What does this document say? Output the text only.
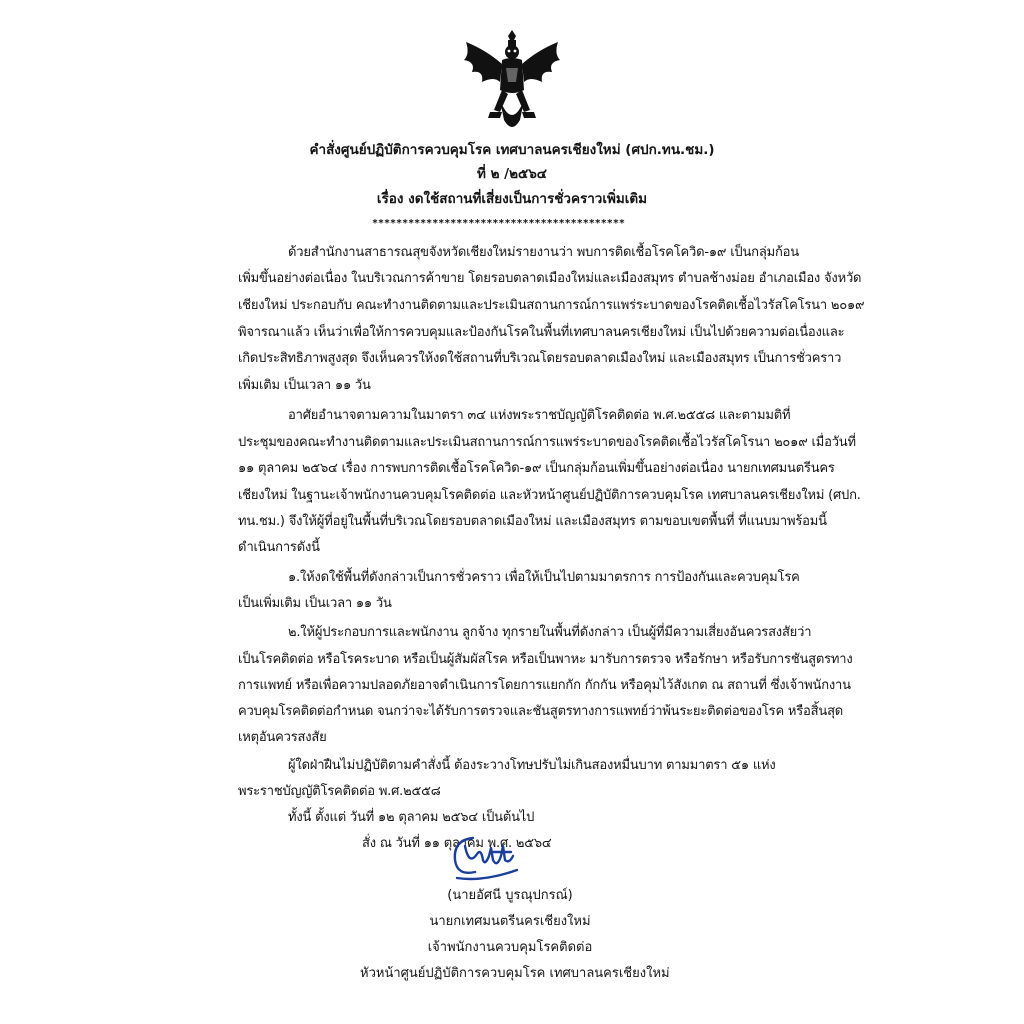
คำสั่งศูนย์ปฏิบัติการควบคุมโรค เทศบาลนครเชียงใหม่ (ศปก.ทน.ชม.)
ที่ ๒ /๒๕๖๔
เรื่อง งดใช้สถานที่เสี่ยงเป็นการชั่วคราวเพิ่มเติม
******************************************
ด้วยสำนักงานสาธารณสุขจังหวัดเชียงใหม่รายงานว่า พบการติดเชื้อโรคโควิด-๑๙ เป็นกลุ่มก้อน
เพิ่มขึ้นอย่างต่อเนื่อง ในบริเวณการค้าขาย โดยรอบตลาดเมืองใหม่และเมืองสมุทร ตำบลช้างม่อย อำเภอเมือง จังหวัด
เชียงใหม่ ประกอบกับ คณะทำงานติดตามและประเมินสถานการณ์การแพร่ระบาดของโรคติดเชื้อไวรัสโคโรนา ๒๐๑๙
พิจารณาแล้ว เห็นว่าเพื่อให้การควบคุมและป้องกันโรคในพื้นที่เทศบาลนครเชียงใหม่ เป็นไปด้วยความต่อเนื่องและ
เกิดประสิทธิภาพสูงสุด จึงเห็นควรให้งดใช้สถานที่บริเวณโดยรอบตลาดเมืองใหม่ และเมืองสมุทร เป็นการชั่วคราว
เพิ่มเติม เป็นเวลา ๑๑ วัน
อาศัยอำนาจตามความในมาตรา ๓๔ แห่งพระราชบัญญัติโรคติดต่อ พ.ศ.๒๕๕๘ และตามมติที่
ประชุมของคณะทำงานติดตามและประเมินสถานการณ์การแพร่ระบาดของโรคติดเชื้อไวรัสโคโรนา ๒๐๑๙ เมื่อวันที่
๑๑ ตุลาคม ๒๕๖๔ เรื่อง การพบการติดเชื้อโรคโควิด-๑๙ เป็นกลุ่มก้อนเพิ่มขึ้นอย่างต่อเนื่อง นายกเทศมนตรีนคร
เชียงใหม่ ในฐานะเจ้าพนักงานควบคุมโรคติดต่อ และหัวหน้าศูนย์ปฏิบัติการควบคุมโรค เทศบาลนครเชียงใหม่ (ศปก.
ทน.ชม.) จึงให้ผู้ที่อยู่ในพื้นที่บริเวณโดยรอบตลาดเมืองใหม่ และเมืองสมุทร ตามขอบเขตพื้นที่ ที่แนบมาพร้อมนี้
ดำเนินการดังนี้
๑.ให้งดใช้พื้นที่ดังกล่าวเป็นการชั่วคราว เพื่อให้เป็นไปตามมาตรการ การป้องกันและควบคุมโรค
เป็นเพิ่มเติม เป็นเวลา ๑๑ วัน
๒.ให้ผู้ประกอบการและพนักงาน ลูกจ้าง ทุกรายในพื้นที่ดังกล่าว เป็นผู้ที่มีความเสี่ยงอันควรสงสัยว่า
เป็นโรคติดต่อ หรือโรคระบาด หรือเป็นผู้สัมผัสโรค หรือเป็นพาหะ มารับการตรวจ หรือรักษา หรือรับการชันสูตรทาง
การแพทย์ หรือเพื่อความปลอดภัยอาจดำเนินการโดยการแยกกัก กักกัน หรือคุมไว้สังเกต ณ สถานที่ ซึ่งเจ้าพนักงาน
ควบคุมโรคติดต่อกำหนด จนกว่าจะได้รับการตรวจและชันสูตรทางการแพทย์ว่าพ้นระยะติดต่อของโรค หรือสิ้นสุด
เหตุอันควรสงสัย
ผู้ใดฝ่าฝืนไม่ปฏิบัติตามคำสั่งนี้ ต้องระวางโทษปรับไม่เกินสองหมื่นบาท ตามมาตรา ๕๑ แห่ง
พระราชบัญญัติโรคติดต่อ พ.ศ.๒๕๕๘
ทั้งนี้ ตั้งแต่ วันที่ ๑๒ ตุลาคม ๒๕๖๔ เป็นต้นไป
สั่ง ณ วันที่ ๑๑ ตุลาคม พ.ศ. ๒๕๖๔
(นายอัศนี บูรณุปกรณ์)
นายกเทศมนตรีนครเชียงใหม่
เจ้าพนักงานควบคุมโรคติดต่อ
หัวหน้าศูนย์ปฏิบัติการควบคุมโรค เทศบาลนครเชียงใหม่
